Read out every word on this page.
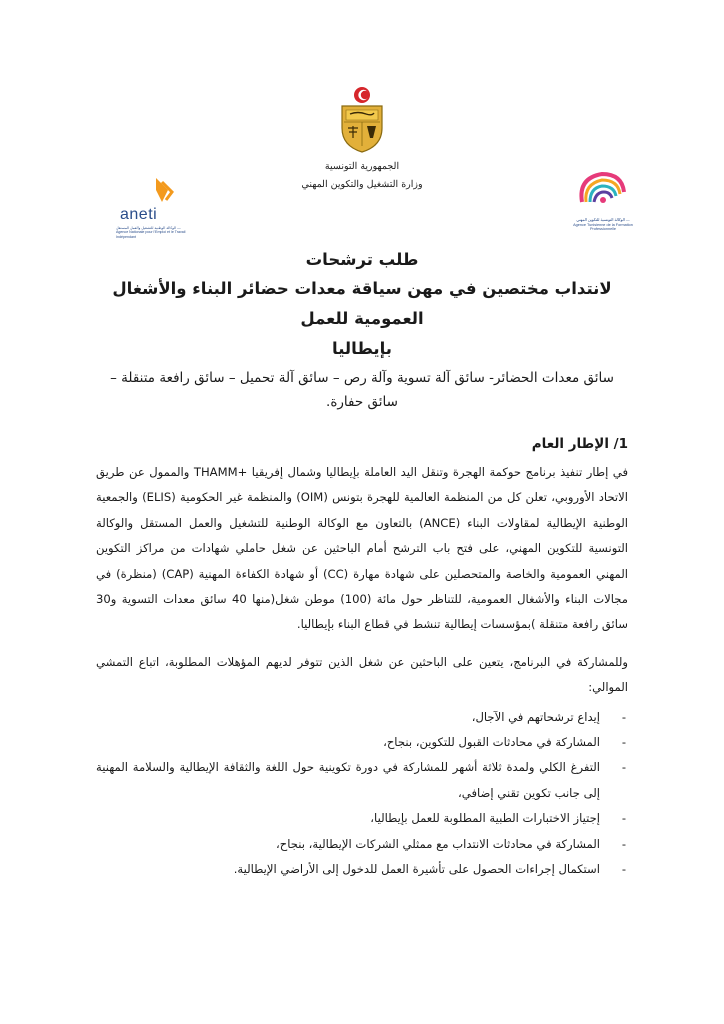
الجمهورية التونسية
وزارة التشغيل والتكوين المهني
aneti
الوكالة الوطنية للتشغيل والعمل المستقل — Agence Nationale pour l'Emploi et le Travail Indépendant
الوكالة التونسية للتكوين المهني — Agence Tunisienne de la Formation Professionnelle
طلب ترشحات
لانتداب مختصين في مهن سياقة معدات حضائر البناء والأشغال العمومية للعمل
بإيطاليا
سائق معدات الحضائر- سائق آلة تسوية وآلة رص – سائق آلة تحميل – سائق رافعة متنقلة –
سائق حفارة.
1/ الإطار العام

في إطار تنفيذ برنامج حوكمة الهجرة وتنقل اليد العاملة بإيطاليا وشمال إفريقيا +THAMM والممول عن طريق الاتحاد الأوروبي، تعلن كل من المنظمة العالمية للهجرة بتونس (OIM) والمنظمة غير الحكومية (ELIS) والجمعية الوطنية الإيطالية لمقاولات البناء (ANCE) بالتعاون مع الوكالة الوطنية للتشغيل والعمل المستقل والوكالة التونسية للتكوين المهني، على فتح باب الترشح أمام الباحثين عن شغل حاملي شهادات من مراكز التكوين المهني العمومية والخاصة والمتحصلين على شهادة مهارة (CC) أو شهادة الكفاءة المهنية (CAP) (منظرة) في مجالات البناء والأشغال العمومية، للتناظر حول مائة (100) موطن شغل(منها 40 سائق معدات التسوية و30 سائق رافعة متنقلة )بمؤسسات إيطالية تنشط في قطاع البناء بإيطاليا.

وللمشاركة في البرنامج، يتعين على الباحثين عن شغل الذين تتوفر لديهم المؤهلات المطلوبة، اتباع التمشي الموالي:

-
إيداع ترشحاتهم في الآجال،
-
المشاركة في محادثات القبول للتكوين، بنجاح،
-
التفرغ الكلي ولمدة ثلاثة أشهر للمشاركة في دورة تكوينية حول اللغة والثقافة الإيطالية والسلامة المهنية إلى جانب تكوين تقني إضافي،
-
إجتياز الاختبارات الطبية المطلوبة للعمل بإيطاليا،
-
المشاركة في محادثات الانتداب مع ممثلي الشركات الإيطالية، بنجاح،
-
استكمال إجراءات الحصول على تأشيرة العمل للدخول إلى الأراضي الإيطالية.
